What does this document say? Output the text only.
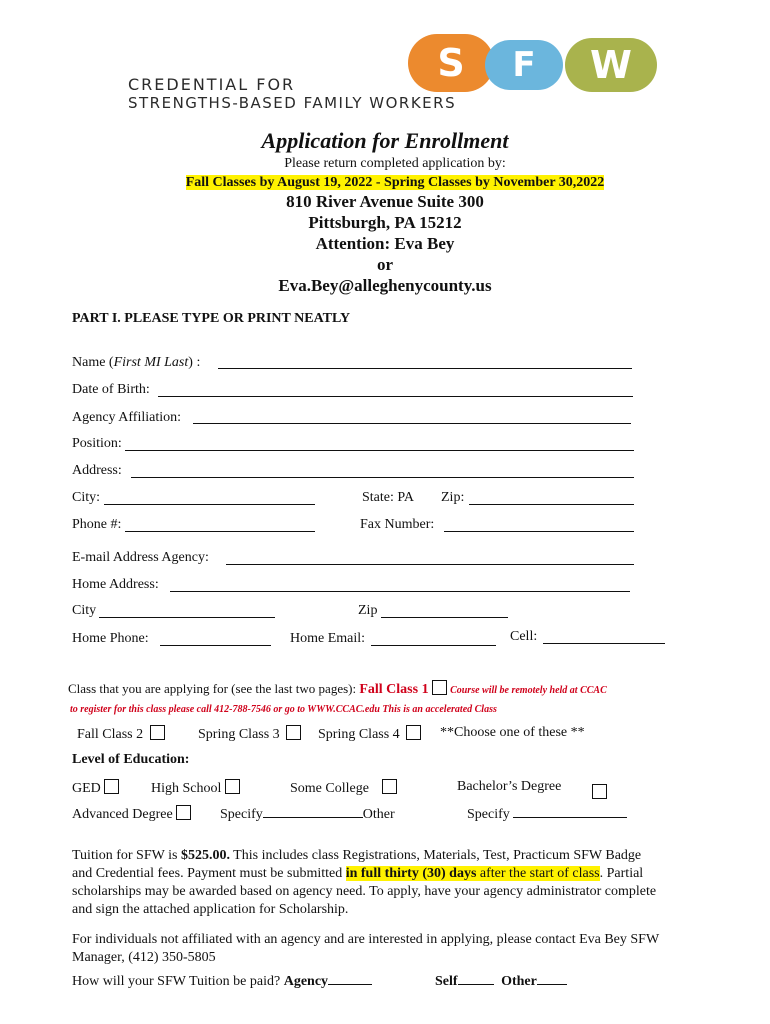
S	F	W
CREDENTIAL FOR
STRENGTHS-BASED FAMILY WORKERS
Application for Enrollment
Please return completed application by:
Fall Classes by August 19, 2022 - Spring Classes by November 30,2022
810 River Avenue Suite 300
Pittsburgh, PA 15212
Attention: Eva Bey
or
Eva.Bey@alleghenycounty.us
PART I. PLEASE TYPE OR PRINT NEATLY
Name (First MI Last) :
Date of Birth:
Agency Affiliation:
Position:
Address:
City:	State: PA Zip:
Phone #:	Fax Number:
E-mail Address Agency:
Home Address:
City	Zip
Home Phone:	Home Email:	Cell:
Class that you are applying for (see the last two pages): Fall Class 1 Course will be remotely held at CCAC
to register for this class please call 412-788-7546 or go to WWW.CCAC.edu This is an accelerated Class
Fall Class 2	Spring Class 3	Spring Class 4	**Choose one of these **
Level of Education:
GED	High School	Some College	Bachelor’s Degree
Advanced Degree	Specify	Other	Specify
Tuition for SFW is $525.00. This includes class Registrations, Materials, Test, Practicum SFW Badge
and Credential fees. Payment must be submitted in full thirty (30) days after the start of class. Partial
scholarships may be awarded based on agency need. To apply, have your agency administrator complete
and sign the attached application for Scholarship.
For individuals not affiliated with an agency and are interested in applying, please contact Eva Bey SFW
Manager, (412) 350-5805
How will your SFW Tuition be paid? Agency	Self	Other
